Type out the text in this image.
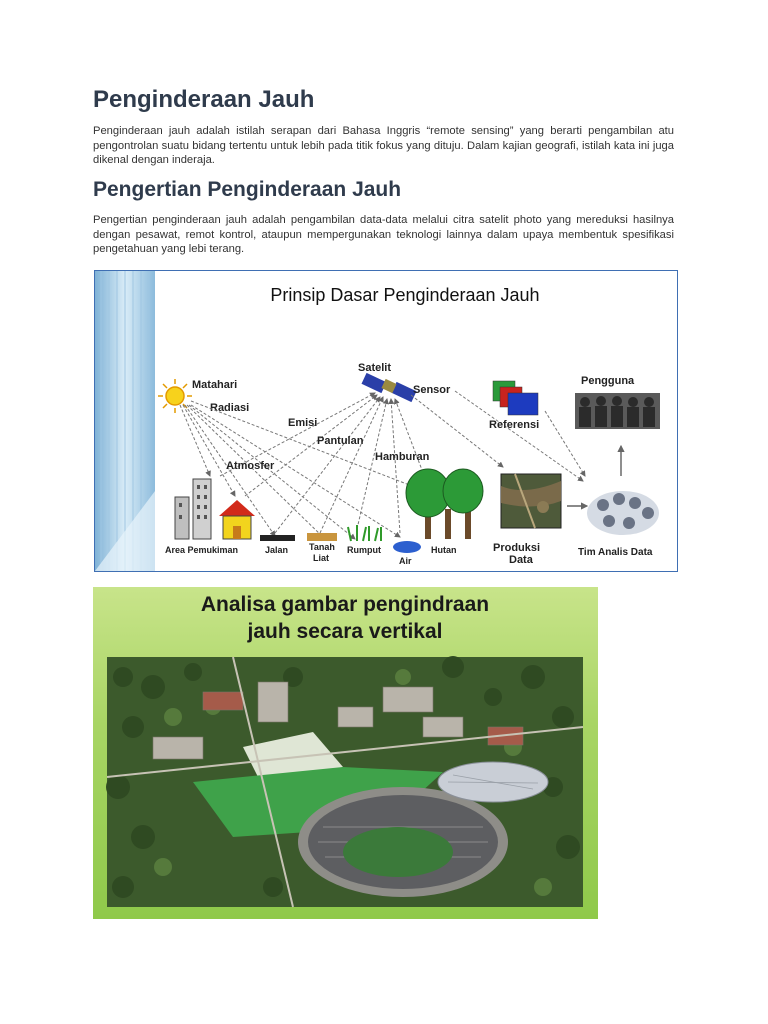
Penginderaan Jauh

Penginderaan jauh adalah istilah serapan dari Bahasa Inggris “remote sensing” yang berarti pengambilan atu pengontrolan suatu bidang tertentu untuk lebih pada titik fokus yang dituju. Dalam kajian geografi, istilah kata ini juga dikenal dengan inderaja.

Pengertian Penginderaan Jauh

Pengertian penginderaan jauh adalah pengambilan data-data melalui citra satelit photo yang mereduksi hasilnya dengan pesawat, remot kontrol, ataupun mempergunakan teknologi lainnya dalam upaya membentuk spesifikasi pengetahuan yang lebi terang.

Prinsip Dasar Penginderaan Jauh
Matahari
Radiasi
Satelit
Sensor
Emisi
Pantulan
Hamburan
Atmosfer
Referensi
Pengguna
Produksi
Data
Tim Analis Data
Area Pemukiman	Jalan Tanah
Liat
Rumput
Air
Hutan
Analisa gambar pengindraan
jauh secara vertikal
